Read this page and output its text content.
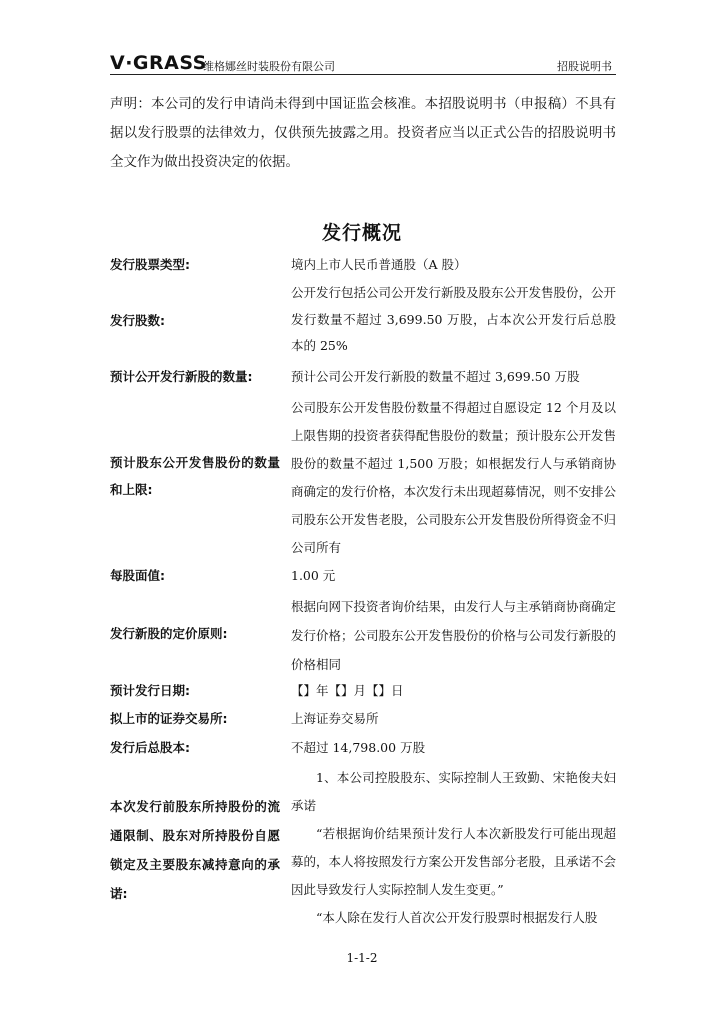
V·GRASS
维格娜丝时装股份有限公司	招股说明书
声明：本公司的发行申请尚未得到中国证监会核准。本招股说明书（申报稿）不具有据以发行股票的法律效力，仅供预先披露之用。投资者应当以正式公告的招股说明书全文作为做出投资决定的依据。
发行概况
发行股票类型:	境内上市人民币普通股（A 股）
发行股数:
公开发行包括公司公开发行新股及股东公开发售股份，公开发行数量不超过 3,699.50 万股，占本次公开发行后总股本的 25%
预计公开发行新股的数量:	预计公司公开发行新股的数量不超过 3,699.50 万股
预计股东公开发售股份的数量和上限:
公司股东公开发售股份数量不得超过自愿设定 12 个月及以上限售期的投资者获得配售股份的数量；预计股东公开发售股份的数量不超过 1,500 万股；如根据发行人与承销商协商确定的发行价格，本次发行未出现超募情况，则不安排公司股东公开发售老股，公司股东公开发售股份所得资金不归公司所有
每股面值:	1.00 元
发行新股的定价原则:
根据向网下投资者询价结果，由发行人与主承销商协商确定发行价格；公司股东公开发售股份的价格与公司发行新股的价格相同
预计发行日期:	【】年【】月【】日
拟上市的证券交易所:	上海证券交易所
发行后总股本:	不超过 14,798.00 万股
本次发行前股东所持股份的流通限制、股东对所持股份自愿锁定及主要股东减持意向的承诺:
1、本公司控股股东、实际控制人王致勤、宋艳俊夫妇承诺
“若根据询价结果预计发行人本次新股发行可能出现超募的，本人将按照发行方案公开发售部分老股，且承诺不会因此导致发行人实际控制人发生变更。”
“本人除在发行人首次公开发行股票时根据发行人股
1-1-2
